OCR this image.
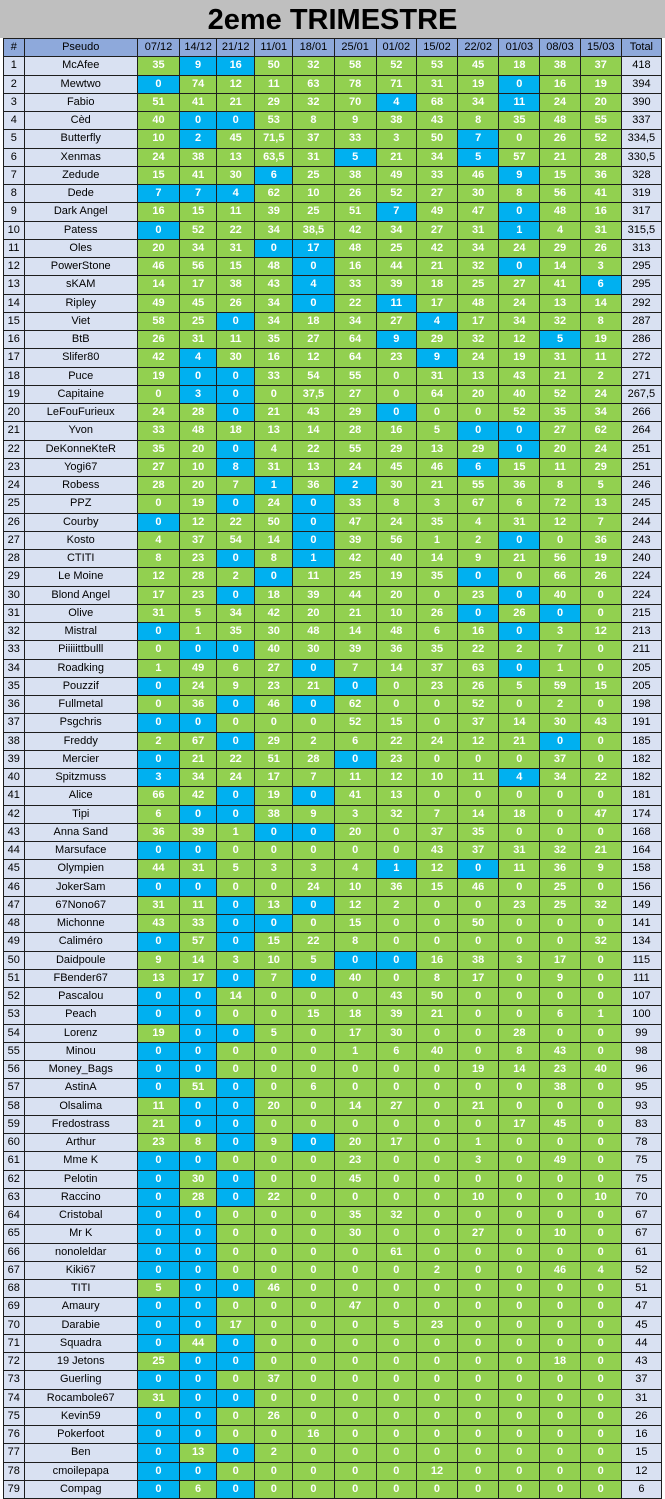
2eme TRIMESTRE
#	Pseudo	07/12	14/12	21/12	11/01	18/01	25/01	01/02	15/02	22/02	01/03	08/03	15/03	Total
1	McAfee	35	9	16	50	32	58	52	53	45	18	38	37	418
2	Mewtwo	0	74	12	11	63	78	71	31	19	0	16	19	394
3	Fabio	51	41	21	29	32	70	4	68	34	11	24	20	390
4	Cèd	40	0	0	53	8	9	38	43	8	35	48	55	337
5	Butterfly	10	2	45	71,5	37	33	3	50	7	0	26	52	334,5
6	Xenmas	24	38	13	63,5	31	5	21	34	5	57	21	28	330,5
7	Zedude	15	41	30	6	25	38	49	33	46	9	15	36	328
8	Dede	7	7	4	62	10	26	52	27	30	8	56	41	319
9	Dark Angel	16	15	11	39	25	51	7	49	47	0	48	16	317
10	Patess	0	52	22	34	38,5	42	34	27	31	1	4	31	315,5
11	Oles	20	34	31	0	17	48	25	42	34	24	29	26	313
12	PowerStone	46	56	15	48	0	16	44	21	32	0	14	3	295
13	sKAM	14	17	38	43	4	33	39	18	25	27	41	6	295
14	Ripley	49	45	26	34	0	22	11	17	48	24	13	14	292
15	Viet	58	25	0	34	18	34	27	4	17	34	32	8	287
16	BtB	26	31	11	35	27	64	9	29	32	12	5	19	286
17	Slifer80	42	4	30	16	12	64	23	9	24	19	31	11	272
18	Puce	19	0	0	33	54	55	0	31	13	43	21	2	271
19	Capitaine	0	3	0	0	37,5	27	0	64	20	40	52	24	267,5
20	LeFouFurieux	24	28	0	21	43	29	0	0	0	52	35	34	266
21	Yvon	33	48	18	13	14	28	16	5	0	0	27	62	264
22	DeKonneKteR	35	20	0	4	22	55	29	13	29	0	20	24	251
23	Yogi67	27	10	8	31	13	24	45	46	6	15	11	29	251
24	Robess	28	20	7	1	36	2	30	21	55	36	8	5	246
25	PPZ	0	19	0	24	0	33	8	3	67	6	72	13	245
26	Courby	0	12	22	50	0	47	24	35	4	31	12	7	244
27	Kosto	4	37	54	14	0	39	56	1	2	0	0	36	243
28	CTITI	8	23	0	8	1	42	40	14	9	21	56	19	240
29	Le Moine	12	28	2	0	11	25	19	35	0	0	66	26	224
30	Blond Angel	17	23	0	18	39	44	20	0	23	0	40	0	224
31	Olive	31	5	34	42	20	21	10	26	0	26	0	0	215
32	Mistral	0	1	35	30	48	14	48	6	16	0	3	12	213
33	Piiiiittbulll	0	0	0	40	30	39	36	35	22	2	7	0	211
34	Roadking	1	49	6	27	0	7	14	37	63	0	1	0	205
35	Pouzzif	0	24	9	23	21	0	0	23	26	5	59	15	205
36	Fullmetal	0	36	0	46	0	62	0	0	52	0	2	0	198
37	Psgchris	0	0	0	0	0	52	15	0	37	14	30	43	191
38	Freddy	2	67	0	29	2	6	22	24	12	21	0	0	185
39	Mercier	0	21	22	51	28	0	23	0	0	0	37	0	182
40	Spitzmuss	3	34	24	17	7	11	12	10	11	4	34	22	182
41	Alice	66	42	0	19	0	41	13	0	0	0	0	0	181
42	Tipi	6	0	0	38	9	3	32	7	14	18	0	47	174
43	Anna Sand	36	39	1	0	0	20	0	37	35	0	0	0	168
44	Marsuface	0	0	0	0	0	0	0	43	37	31	32	21	164
45	Olympien	44	31	5	3	3	4	1	12	0	11	36	9	158
46	JokerSam	0	0	0	0	24	10	36	15	46	0	25	0	156
47	67Nono67	31	11	0	13	0	12	2	0	0	23	25	32	149
48	Michonne	43	33	0	0	0	15	0	0	50	0	0	0	141
49	Caliméro	0	57	0	15	22	8	0	0	0	0	0	32	134
50	Daidpoule	9	14	3	10	5	0	0	16	38	3	17	0	115
51	FBender67	13	17	0	7	0	40	0	8	17	0	9	0	111
52	Pascalou	0	0	14	0	0	0	43	50	0	0	0	0	107
53	Peach	0	0	0	0	15	18	39	21	0	0	6	1	100
54	Lorenz	19	0	0	5	0	17	30	0	0	28	0	0	99
55	Minou	0	0	0	0	0	1	6	40	0	8	43	0	98
56	Money_Bags	0	0	0	0	0	0	0	0	19	14	23	40	96
57	AstinA	0	51	0	0	6	0	0	0	0	0	38	0	95
58	Olsalima	11	0	0	20	0	14	27	0	21	0	0	0	93
59	Fredostrass	21	0	0	0	0	0	0	0	0	17	45	0	83
60	Arthur	23	8	0	9	0	20	17	0	1	0	0	0	78
61	Mme K	0	0	0	0	0	23	0	0	3	0	49	0	75
62	Pelotin	0	30	0	0	0	45	0	0	0	0	0	0	75
63	Raccino	0	28	0	22	0	0	0	0	10	0	0	10	70
64	Cristobal	0	0	0	0	0	35	32	0	0	0	0	0	67
65	Mr K	0	0	0	0	0	30	0	0	27	0	10	0	67
66	nonoleldar	0	0	0	0	0	0	61	0	0	0	0	0	61
67	Kiki67	0	0	0	0	0	0	0	2	0	0	46	4	52
68	TITI	5	0	0	46	0	0	0	0	0	0	0	0	51
69	Amaury	0	0	0	0	0	47	0	0	0	0	0	0	47
70	Darabie	0	0	17	0	0	0	5	23	0	0	0	0	45
71	Squadra	0	44	0	0	0	0	0	0	0	0	0	0	44
72	19 Jetons	25	0	0	0	0	0	0	0	0	0	18	0	43
73	Guerling	0	0	0	37	0	0	0	0	0	0	0	0	37
74	Rocambole67	31	0	0	0	0	0	0	0	0	0	0	0	31
75	Kevin59	0	0	0	26	0	0	0	0	0	0	0	0	26
76	Pokerfoot	0	0	0	0	16	0	0	0	0	0	0	0	16
77	Ben	0	13	0	2	0	0	0	0	0	0	0	0	15
78	cmoilepapa	0	0	0	0	0	0	0	12	0	0	0	0	12
79	Compag	0	6	0	0	0	0	0	0	0	0	0	0	6
